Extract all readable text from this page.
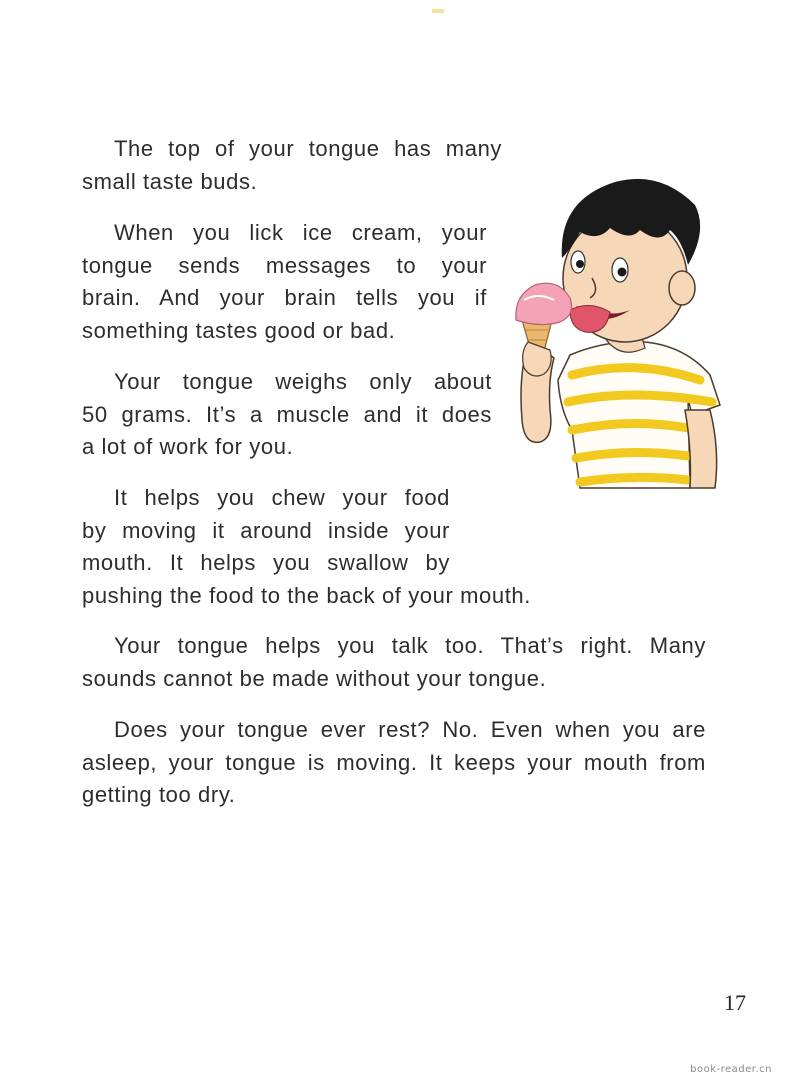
The top of your tongue has many
small taste buds.

When you lick ice cream, your
tongue sends messages to your
brain. And your brain tells you if
something tastes good or bad.

Your tongue weighs only about
50 grams. It’s a muscle and it does
a lot of work for you.

It helps you chew your food
by moving it around inside your
mouth. It helps you swallow by
pushing the food to the back of your mouth.

Your tongue helps you talk too. That’s right. Many
sounds cannot be made without your tongue.

Does your tongue ever rest? No. Even when you are
asleep, your tongue is moving. It keeps your mouth from
getting too dry.

17
book-reader.cn
